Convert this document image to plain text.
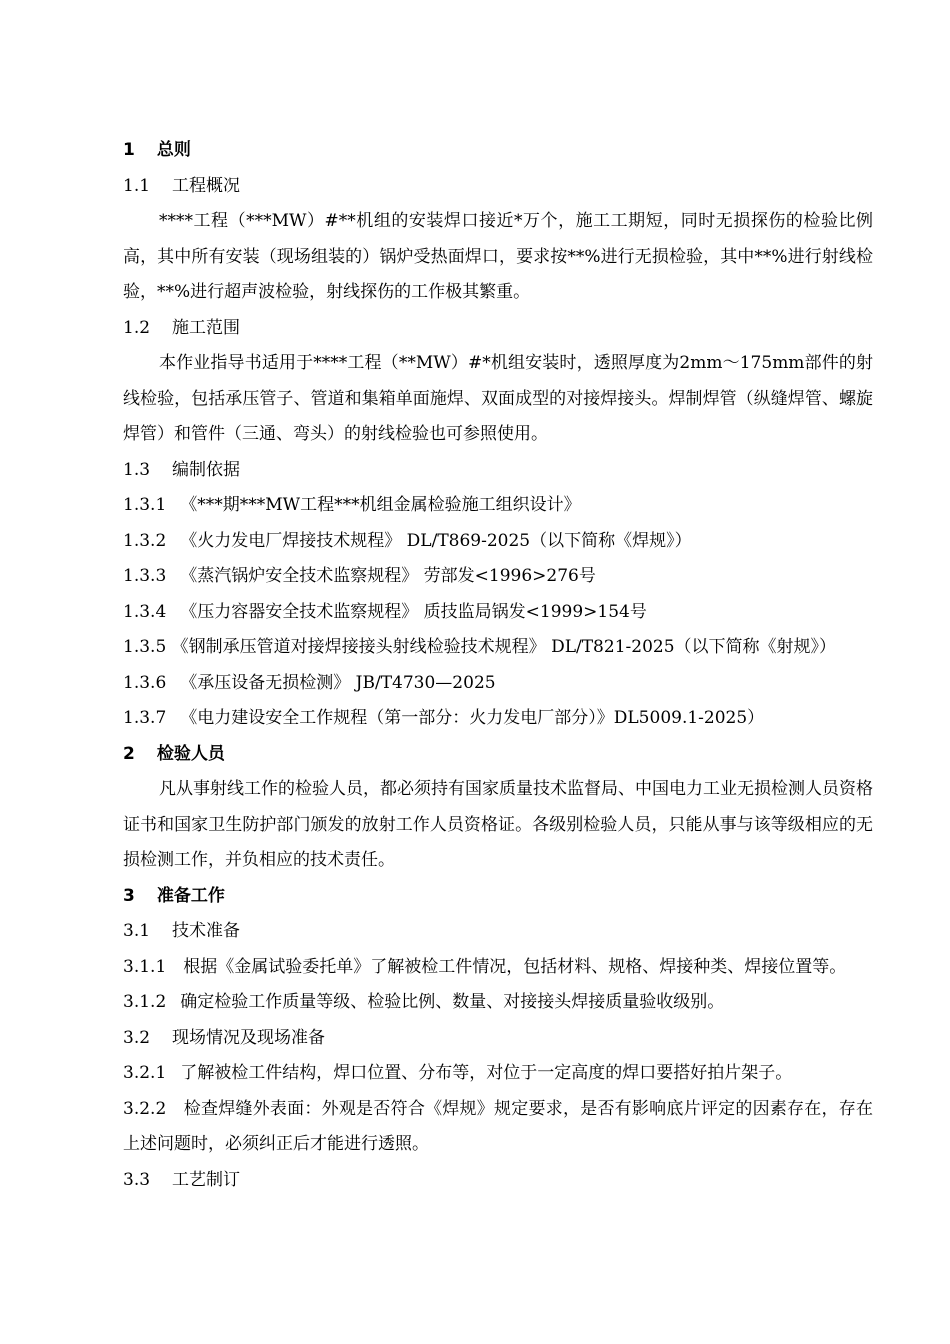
1 总则
1.1 工程概况

****工程（***MW）#**机组的安装焊口接近*万个，施工工期短，同时无损探伤的检验比例高，其中所有安装（现场组装的）锅炉受热面焊口，要求按**%进行无损检验，其中**%进行射线检验，**%进行超声波检验，射线探伤的工作极其繁重。

1.2 施工范围

本作业指导书适用于****工程（**MW）#*机组安装时，透照厚度为2mm～175mm部件的射线检验，包括承压管子、管道和集箱单面施焊、双面成型的对接焊接头。焊制焊管（纵缝焊管、螺旋焊管）和管件（三通、弯头）的射线检验也可参照使用。

1.3 编制依据
1.3.1 《***期***MW工程***机组金属检验施工组织设计》
1.3.2 《火力发电厂焊接技术规程》 DL/T869-2025（以下简称《焊规》）
1.3.3 《蒸汽锅炉安全技术监察规程》 劳部发<1996>276号
1.3.4 《压力容器安全技术监察规程》 质技监局锅发<1999>154号

1.3.5 《钢制承压管道对接焊接接头射线检验技术规程》 DL/T821-2025（以下简称《射规》）

1.3.6 《承压设备无损检测》 JB/T4730—2025
1.3.7 《电力建设安全工作规程（第一部分：火力发电厂部分）》DL5009.1-2025）
2 检验人员

凡从事射线工作的检验人员，都必须持有国家质量技术监督局、中国电力工业无损检测人员资格证书和国家卫生防护部门颁发的放射工作人员资格证。各级别检验人员，只能从事与该等级相应的无损检测工作，并负相应的技术责任。

3 准备工作
3.1 技术准备

3.1.1　 根据《金属试验委托单》了解被检工件情况，包括材料、规格、焊接种类、焊接位置等。

3.1.2 确定检验工作质量等级、检验比例、数量、对接接头焊接质量验收级别。
3.2 现场情况及现场准备
3.2.1 了解被检工件结构，焊口位置、分布等，对位于一定高度的焊口要搭好拍片架子。

3.2.2　 检查焊缝外表面：外观是否符合《焊规》规定要求，是否有影响底片评定的因素存在，存在上述问题时，必须纠正后才能进行透照。

3.3 工艺制订
